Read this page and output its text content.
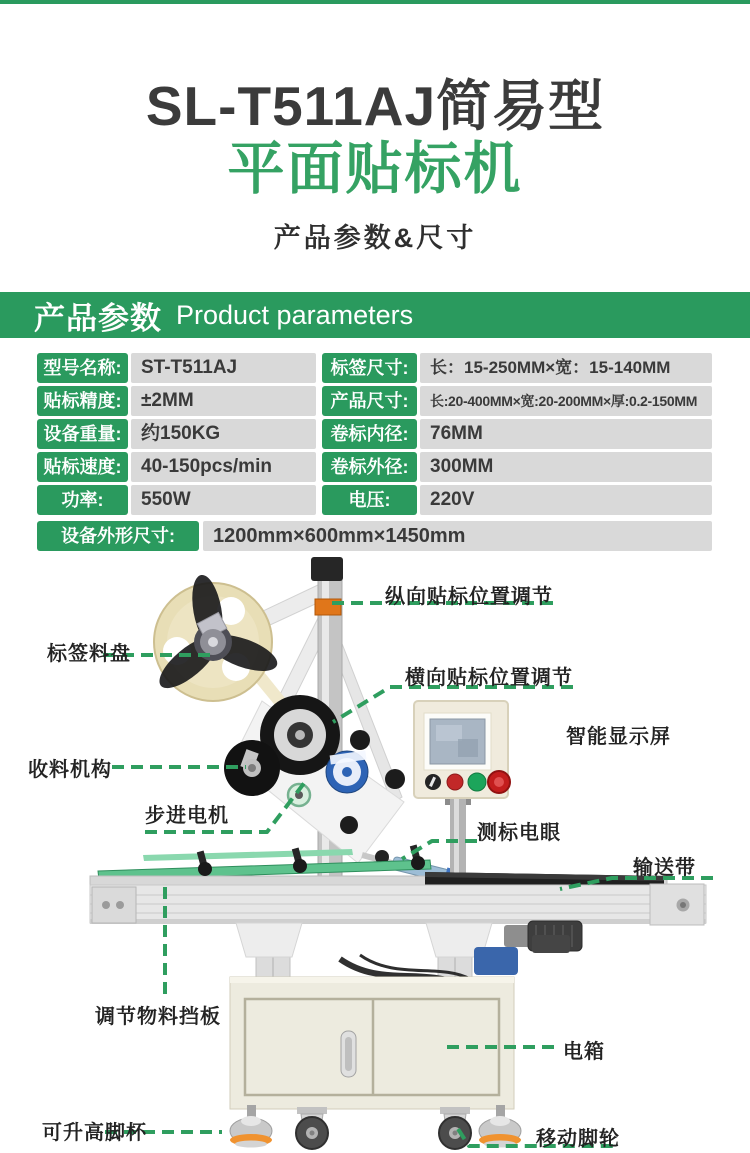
SL-T511AJ简易型
平面贴标机
产品参数&尺寸
产品参数 Product parameters
型号名称:	ST-T511AJ	标签尺寸:	长：15-250MM×宽：15-140MM
贴标精度:	±2MM	产品尺寸:	长:20-400MM×宽:20-200MM×厚:0.2-150MM
设备重量:	约150KG	卷标内径:	76MM
贴标速度:	40-150pcs/min	卷标外径:	300MM
功率:	550W	电压:	220V
设备外形尺寸:	1200mm×600mm×1450mm
纵向贴标位置调节
标签料盘
横向贴标位置调节
智能显示屏
收料机构
步进电机
测标电眼
输送带
调节物料挡板
电箱
可升高脚杯	移动脚轮
